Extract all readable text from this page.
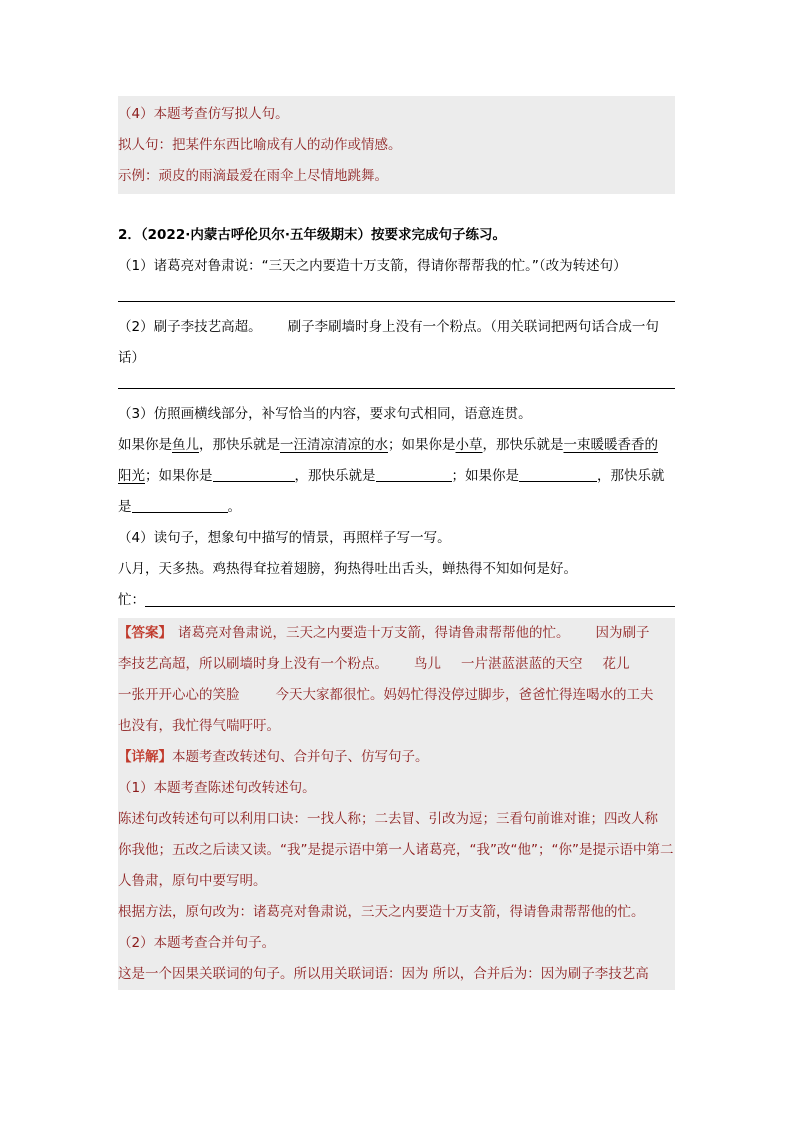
（4）本题考查仿写拟人句。
拟人句：把某件东西比喻成有人的动作或情感。
示例：顽皮的雨滴最爱在雨伞上尽情地跳舞。
2．（2022·内蒙古呼伦贝尔·五年级期末）按要求完成句子练习。
（1）诸葛亮对鲁肃说：“三天之内要造十万支箭，得请你帮帮我的忙。”（改为转述句）
（2）刷子李技艺高超。 刷子李刷墙时身上没有一个粉点。（用关联词把两句话合成一句
话）
（3）仿照画横线部分，补写恰当的内容，要求句式相同，语意连贯。
如果你是鱼儿，那快乐就是一汪清凉清凉的水；如果你是小草，那快乐就是一束暖暖香香的
阳光；如果你是	，那快乐就是	；如果你是	，那快乐就
是	。
（4）读句子，想象句中描写的情景，再照样子写一写。
八月，天多热。鸡热得耷拉着翅膀，狗热得吐出舌头，蝉热得不知如何是好。
忙：
【答案】 诸葛亮对鲁肃说，三天之内要造十万支箭，得请鲁肃帮帮他的忙。 因为刷子
李技艺高超，所以刷墙时身上没有一个粉点。 鸟儿 一片湛蓝湛蓝的天空 花儿
一张开开心心的笑脸	今天大家都很忙。妈妈忙得没停过脚步，爸爸忙得连喝水的工夫
也没有，我忙得气喘吁吁。
【详解】本题考查改转述句、合并句子、仿写句子。
（1）本题考查陈述句改转述句。
陈述句改转述句可以利用口诀：一找人称；二去冒、引改为逗；三看句前谁对谁；四改人称
你我他；五改之后读又读。“我”是提示语中第一人诸葛亮，“我”改“他”；“你”是提示语中第二
人鲁肃，原句中要写明。
根据方法，原句改为：诸葛亮对鲁肃说，三天之内要造十万支箭，得请鲁肃帮帮他的忙。
（2）本题考查合并句子。
这是一个因果关联词的句子。所以用关联词语：因为 所以，合并后为：因为刷子李技艺高
